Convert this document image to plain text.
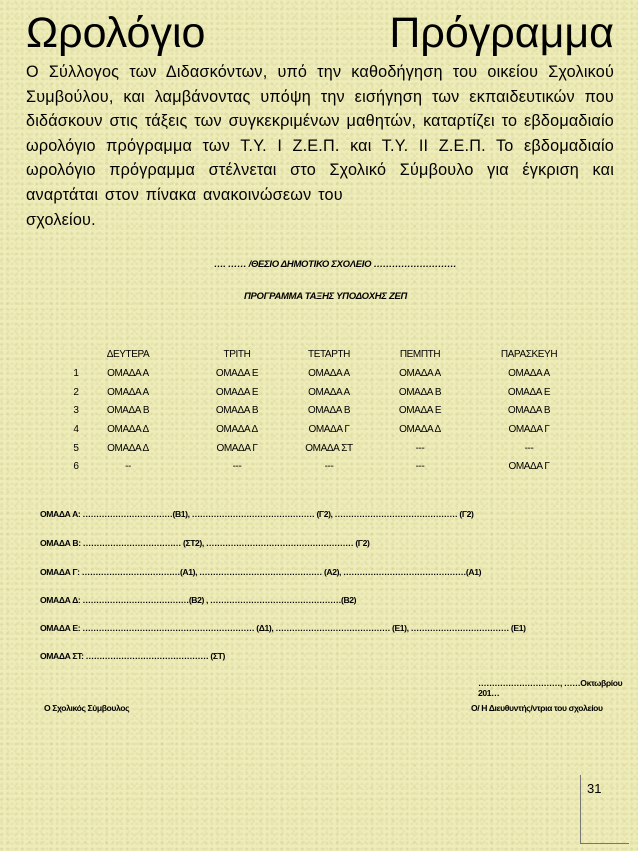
Ωρολόγιο	Πρόγραμμα
Ο Σύλλογος των Διδασκόντων, υπό την καθοδήγηση του οικείου Σχολικού Συμβούλου, και λαμβάνοντας υπόψη την εισήγηση των εκπαιδευτικών που διδάσκουν στις τάξεις των συγκεκριμένων μαθητών, καταρτίζει το εβδομαδιαίο ωρολόγιο πρόγραμμα των Τ.Υ. Ι Ζ.Ε.Π. και Τ.Υ. ΙΙ Ζ.Ε.Π. Το εβδομαδιαίο ωρολόγιο πρόγραμμα στέλνεται στο Σχολικό Σύμβουλο για έγκριση και αναρτάται στον πίνακα ανακοινώσεων του
σχολείου.
…. …… /ΘΕΣΙΟ ΔΗΜΟΤΙΚΟ ΣΧΟΛΕΙΟ ………………………
ΠΡΟΓΡΑΜΜΑ ΤΑΞΗΣ ΥΠΟΔΟΧΗΣ ΖΕΠ
ΔΕΥΤΕΡΑ	ΤΡΙΤΗ	ΤΕΤΑΡΤΗ	ΠΕΜΠΤΗ	ΠΑΡΑΣΚΕΥΗ
1	ΟΜΑΔΑ Α	ΟΜΑΔΑ Ε	ΟΜΑΔΑ Α	ΟΜΑΔΑ Α	ΟΜΑΔΑ Α
2	ΟΜΑΔΑ Α	ΟΜΑΔΑ Ε	ΟΜΑΔΑ Α	ΟΜΑΔΑ Β	ΟΜΑΔΑ Ε
3	ΟΜΑΔΑ Β	ΟΜΑΔΑ Β	ΟΜΑΔΑ Β	ΟΜΑΔΑ Ε	ΟΜΑΔΑ Β
4	ΟΜΑΔΑ Δ	ΟΜΑΔΑ Δ	ΟΜΑΔΑ Γ	ΟΜΑΔΑ Δ	ΟΜΑΔΑ Γ
5	ΟΜΑΔΑ Δ	ΟΜΑΔΑ Γ	ΟΜΑΔΑ ΣΤ	---	---
6	--	---	---	---	ΟΜΑΔΑ Γ
ΟΜΑΔΑ Α: ……………………………(Β1), ……………………………………… (Γ2), ……………………………………… (Γ2)
ΟΜΑΔΑ Β: ……………………………… (ΣΤ2), ……………………………………………… (Γ2)
ΟΜΑΔΑ Γ: ………………………………(Α1), ……………………………………… (Α2), ………………………………………(Α1)
ΟΜΑΔΑ Δ: …………………………………(Β2) , …………………………………………(Β2)
ΟΜΑΔΑ Ε: ……………………………………………………… (Δ1), …………………………………… (Ε1), ……………………………… (Ε1)
ΟΜΑΔΑ ΣΤ: ……………………………………… (ΣΤ)
…………………………, ……Οκτωβρίου 201…
Ο Σχολικός Σύμβουλος	Ο/ Η Διευθυντής/ντρια του σχολείου
31
